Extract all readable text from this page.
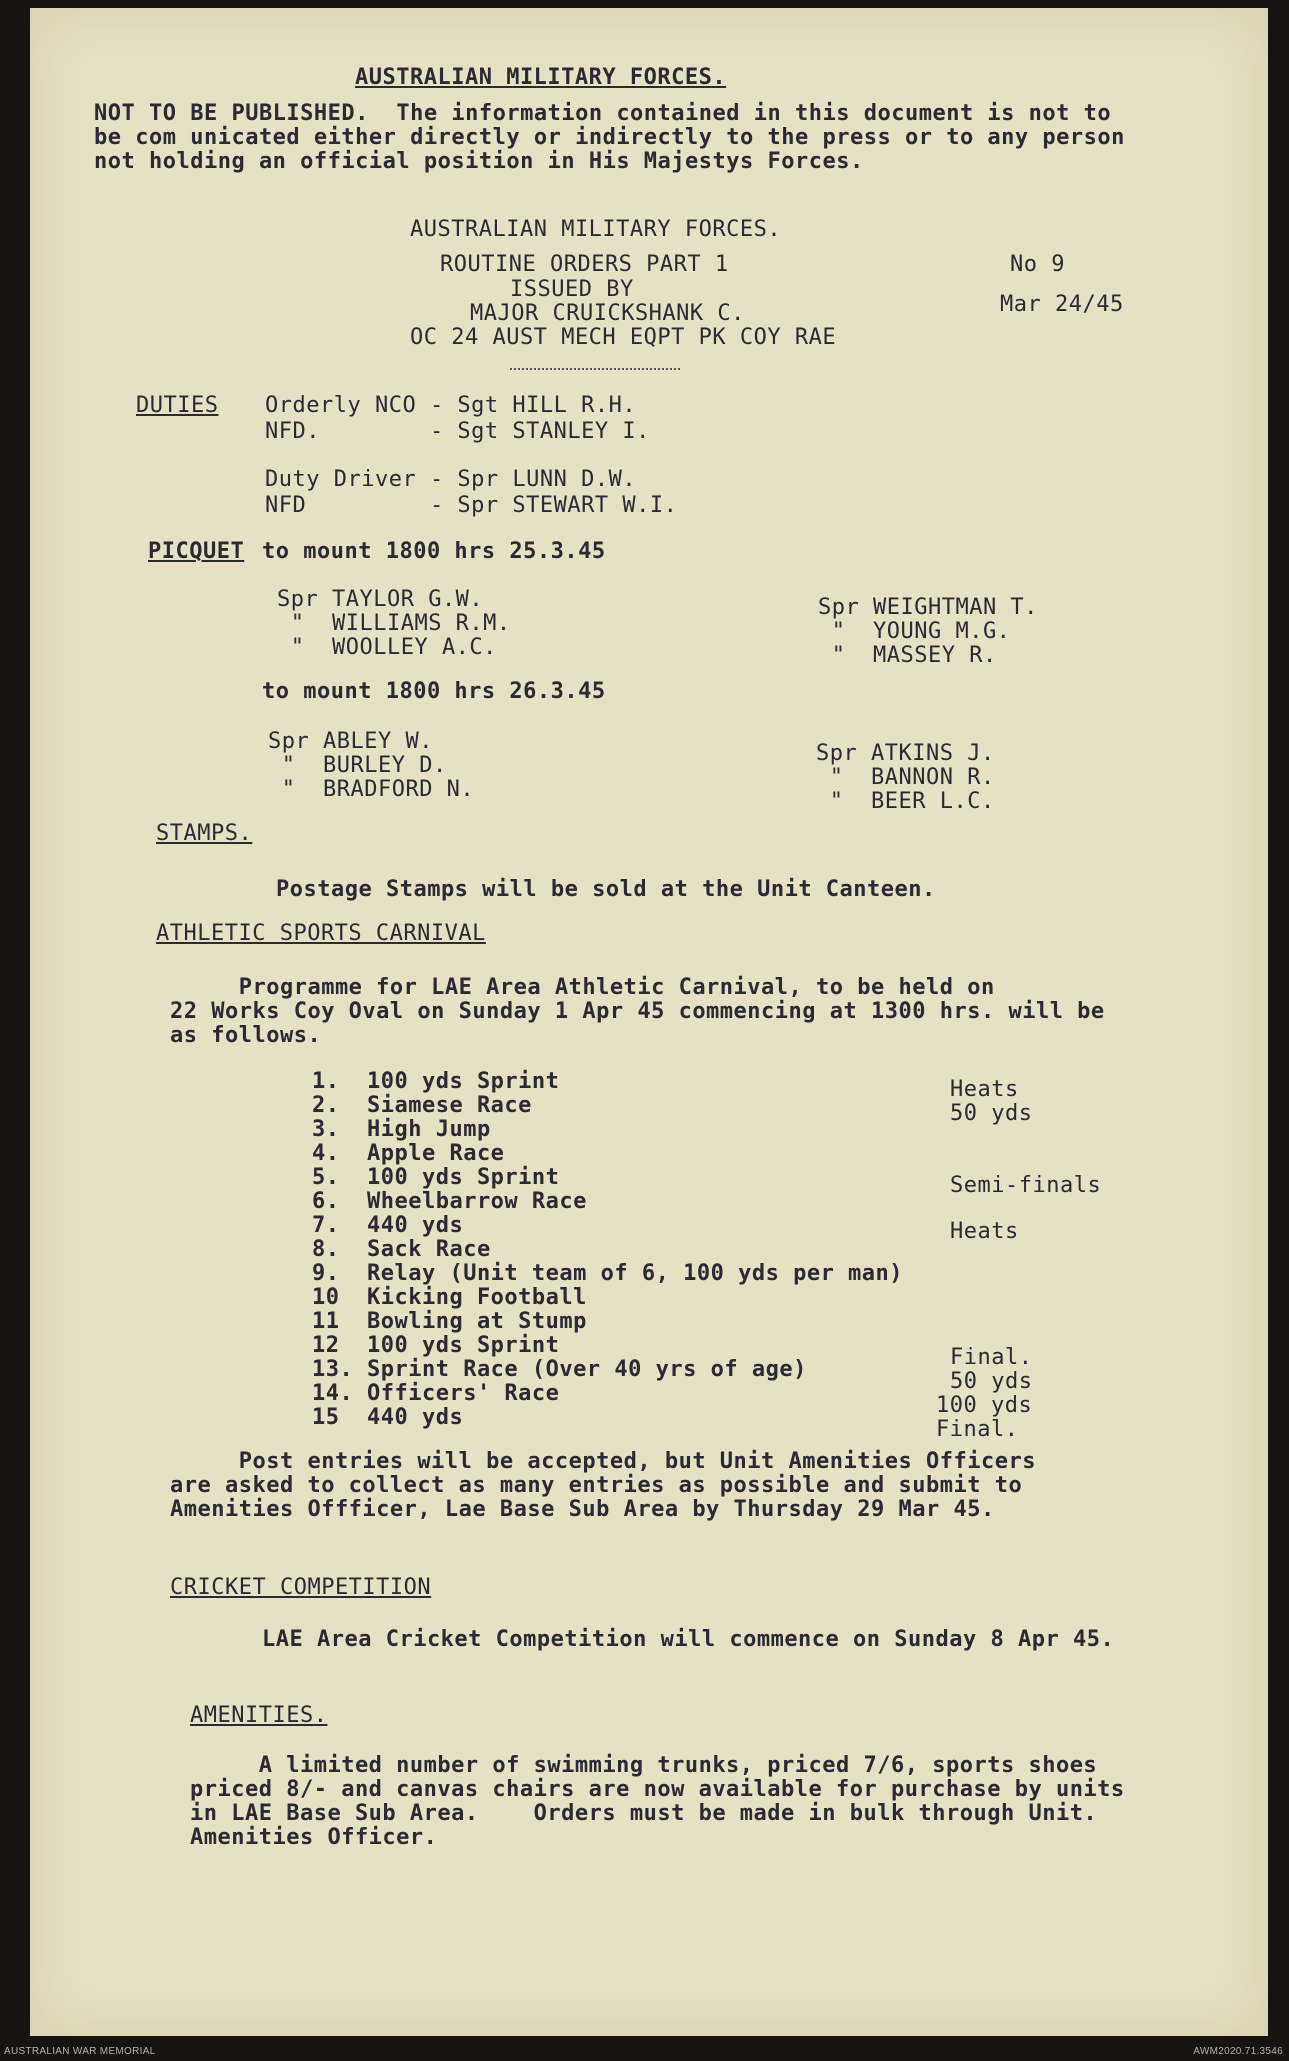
AUSTRALIAN MILITARY FORCES.
NOT TO BE PUBLISHED.  The information contained in this document is not to
be com unicated either directly or indirectly to the press or to any person
not holding an official position in His Majestys Forces.
AUSTRALIAN MILITARY FORCES.
ROUTINE ORDERS PART 1
ISSUED BY
MAJOR CRUICKSHANK C.
OC 24 AUST MECH EQPT PK COY RAE
No 9
Mar 24/45
DUTIES Orderly NCO - Sgt HILL R.H.
NFD.        - Sgt STANLEY I.
Duty Driver - Spr LUNN D.W.
NFD         - Spr STEWART W.I.
PICQUET to mount 1800 hrs 25.3.45
Spr TAYLOR G.W.
"  WILLIAMS R.M.
"  WOOLLEY A.C.
Spr WEIGHTMAN T.
"  YOUNG M.G.
"  MASSEY R.
to mount 1800 hrs 26.3.45
Spr ABLEY W.
"  BURLEY D.
"  BRADFORD N.
Spr ATKINS J.
"  BANNON R.
"  BEER L.C.
STAMPS.
Postage Stamps will be sold at the Unit Canteen.
ATHLETIC SPORTS CARNIVAL
Programme for LAE Area Athletic Carnival, to be held on
22 Works Coy Oval on Sunday 1 Apr 45 commencing at 1300 hrs. will be
as follows.
Heats
50 yds
Semi-finals
Heats
Final.
50 yds
100 yds
Final.
Post entries will be accepted, but Unit Amenities Officers
are asked to collect as many entries as possible and submit to
Amenities Offficer, Lae Base Sub Area by Thursday 29 Mar 45.
CRICKET COMPETITION
LAE Area Cricket Competition will commence on Sunday 8 Apr 45.
AMENITIES.
A limited number of swimming trunks, priced 7/6, sports shoes
priced 8/- and canvas chairs are now available for purchase by units
in LAE Base Sub Area.    Orders must be made in bulk through Unit.
Amenities Officer.
1.  100 yds Sprint
2.  Siamese Race
3.  High Jump
4.  Apple Race
5.  100 yds Sprint
6.  Wheelbarrow Race
7.  440 yds
8.  Sack Race
9.  Relay (Unit team of 6, 100 yds per man)
10  Kicking Football
11  Bowling at Stump
12  100 yds Sprint
13. Sprint Race (Over 40 yrs of age)
14. Officers' Race
15  440 yds
AUSTRALIAN WAR MEMORIAL	AWM2020.71.3546
